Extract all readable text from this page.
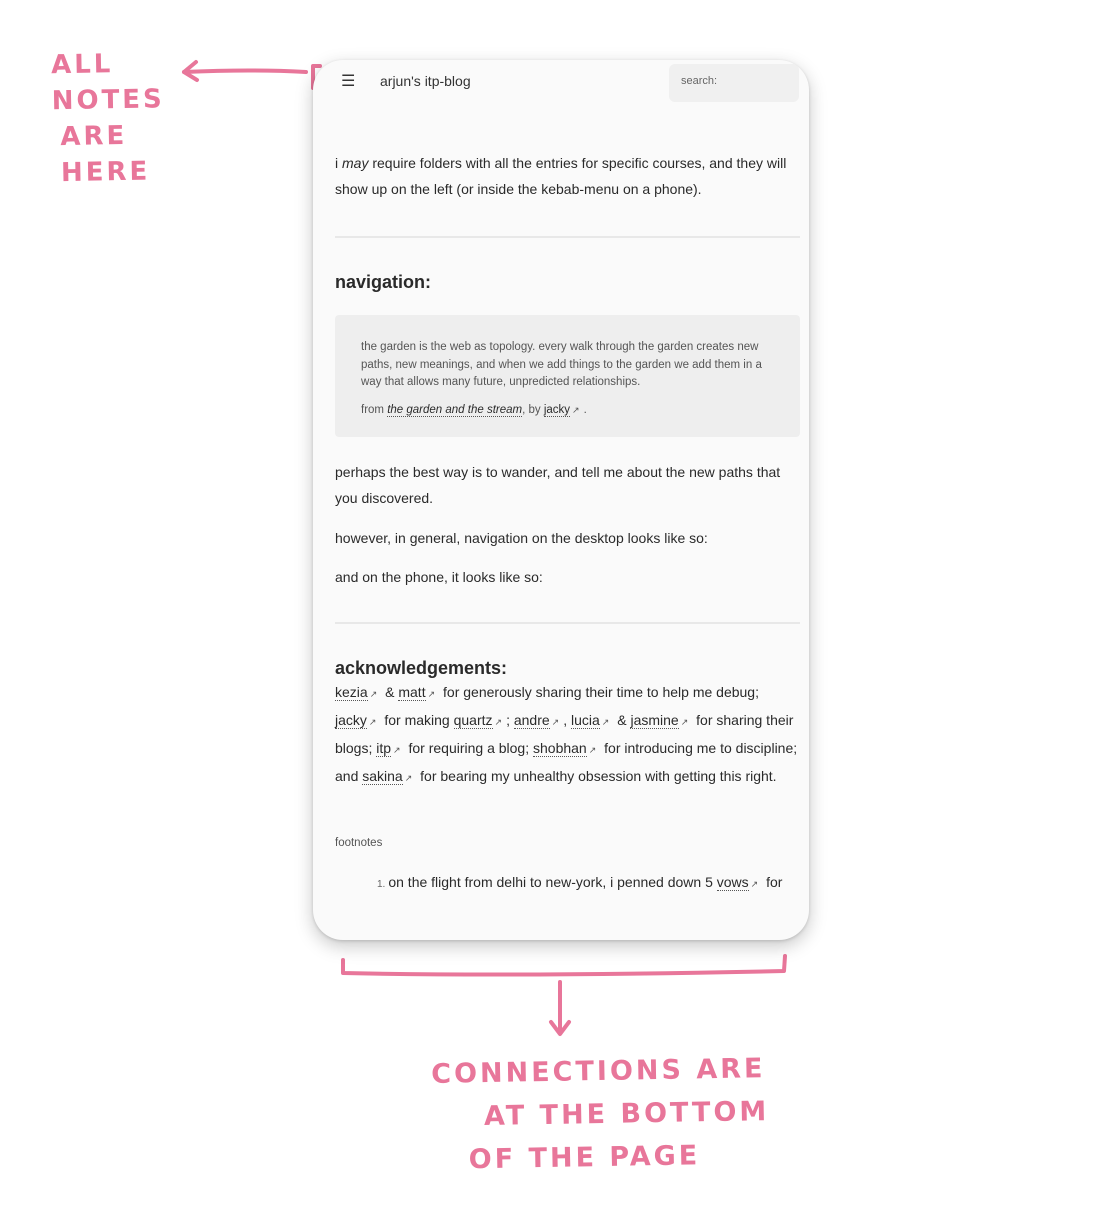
ALL NOTES
ARE HERE
CONNECTIONS ARE
AT THE BOTTOM
OF THE PAGE
☰ arjun's itp-blog	search:

i may require folders with all the entries for specific courses, and they will show up on the left (or inside the kebab-menu on a phone).

navigation:
the garden is the web as topology. every walk through the garden creates new paths, new meanings, and when we add things to the garden we add them in a way that allows many future, unpredicted relationships.
from the garden and the stream, by jacky ↗ .

perhaps the best way is to wander, and tell me about the new paths that you discovered.

however, in general, navigation on the desktop looks like so:

and on the phone, it looks like so:

acknowledgements:

kezia ↗ & matt ↗ for generously sharing their time to help me debug; jacky ↗ for making quartz ↗ ; andre ↗ , lucia ↗ & jasmine ↗ for sharing their blogs; itp ↗ for requiring a blog; shobhan ↗ for introducing me to discipline; and sakina ↗ for bearing my unhealthy obsession with getting this right.

footnotes
1. on the flight from delhi to new-york, i penned down 5 vows ↗ for
